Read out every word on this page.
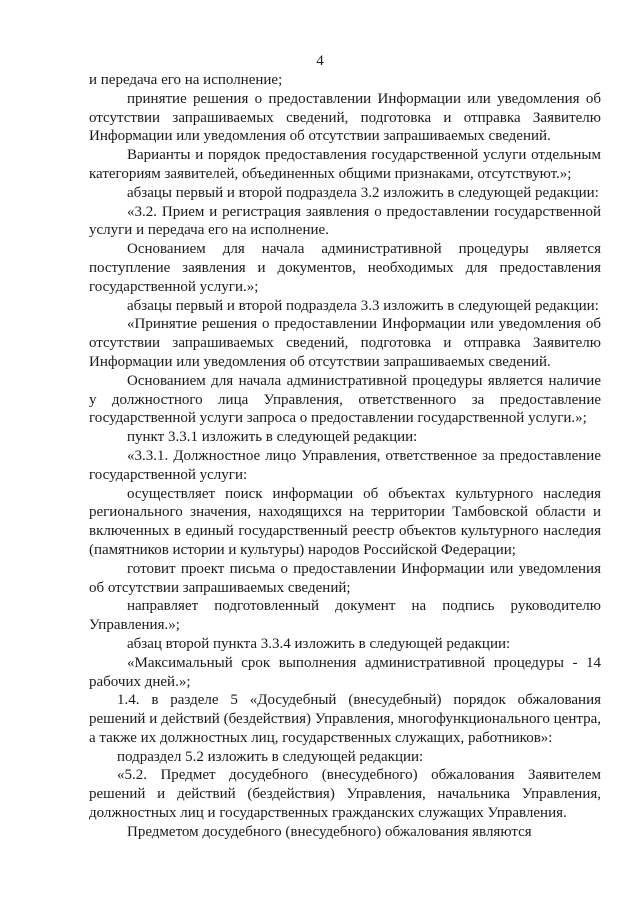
4

и передача его на исполнение;

принятие решения о предоставлении Информации или уведомления об отсутствии запрашиваемых сведений, подготовка и отправка Заявителю Информации или уведомления об отсутствии запрашиваемых сведений.

Варианты и порядок предоставления государственной услуги отдельным категориям заявителей, объединенных общими признаками, отсутствуют.»;

абзацы первый и второй подраздела 3.2 изложить в следующей редакции:

«3.2. Прием и регистрация заявления о предоставлении государственной услуги и передача его на исполнение.

Основанием для начала административной процедуры является поступление заявления и документов, необходимых для предоставления государственной услуги.»;

абзацы первый и второй подраздела 3.3 изложить в следующей редакции:

«Принятие решения о предоставлении Информации или уведомления об отсутствии запрашиваемых сведений, подготовка и отправка Заявителю Информации или уведомления об отсутствии запрашиваемых сведений.

Основанием для начала административной процедуры является наличие у должностного лица Управления, ответственного за предоставление государственной услуги запроса о предоставлении государственной услуги.»;

пункт 3.3.1 изложить в следующей редакции:

«3.3.1. Должностное лицо Управления, ответственное за предоставление государственной услуги:

осуществляет поиск информации об объектах культурного наследия регионального значения, находящихся на территории Тамбовской области и включенных в единый государственный реестр объектов культурного наследия (памятников истории и культуры) народов Российской Федерации;

готовит проект письма о предоставлении Информации или уведомления об отсутствии запрашиваемых сведений;

направляет подготовленный документ на подпись руководителю Управления.»;

абзац второй пункта 3.3.4 изложить в следующей редакции:

«Максимальный срок выполнения административной процедуры - 14 рабочих дней.»;

1.4. в разделе 5 «Досудебный (внесудебный) порядок обжалования решений и действий (бездействия) Управления, многофункционального центра, а также их должностных лиц, государственных служащих, работников»:

подраздел 5.2 изложить в следующей редакции:

«5.2. Предмет досудебного (внесудебного) обжалования Заявителем решений и действий (бездействия) Управления, начальника Управления, должностных лиц и государственных гражданских служащих Управления.

Предметом досудебного (внесудебного) обжалования являются
